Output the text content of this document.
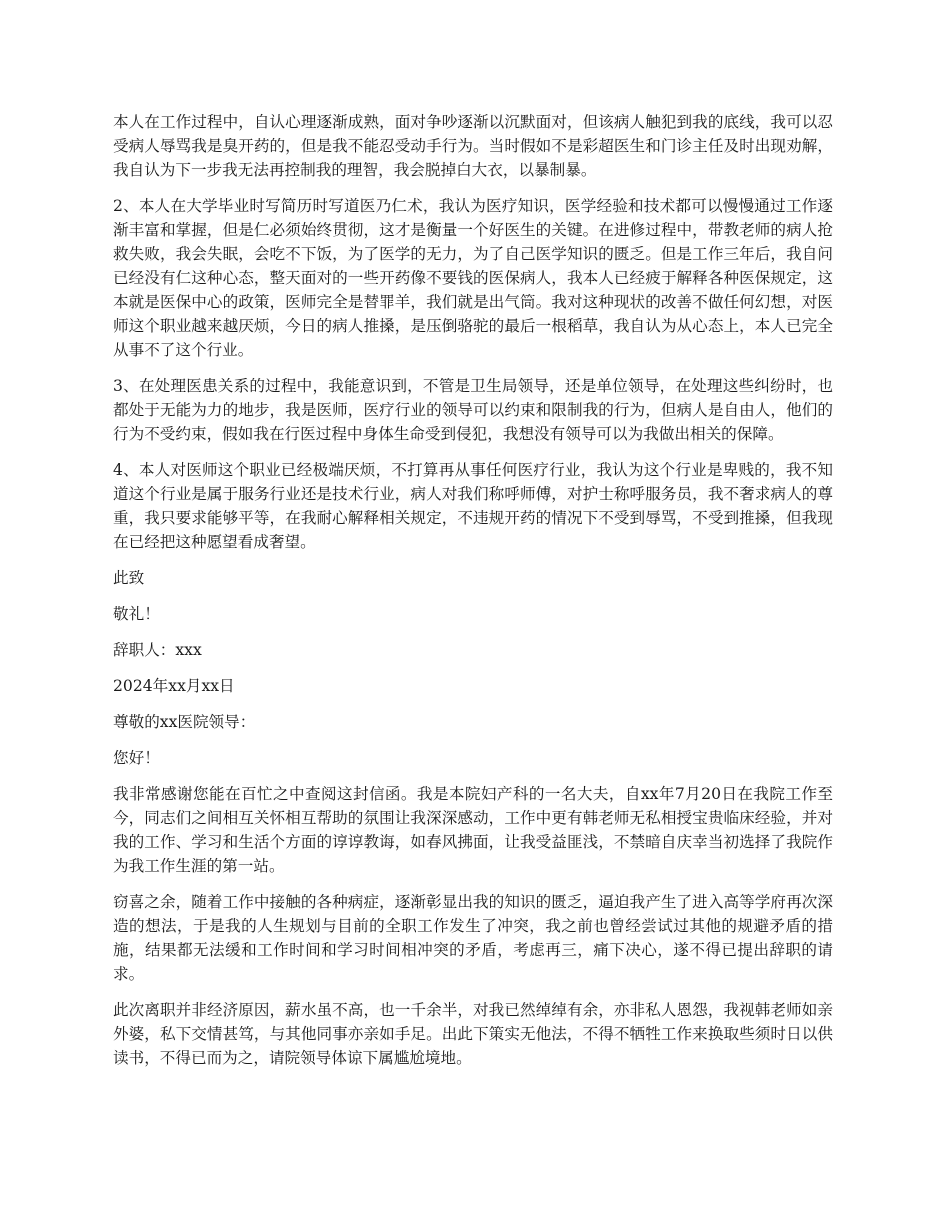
本人在工作过程中，自认心理逐渐成熟，面对争吵逐渐以沉默面对，但该病人触犯到我的底线，我可以忍受病人辱骂我是臭开药的，但是我不能忍受动手行为。当时假如不是彩超医生和门诊主任及时出现劝解，我自认为下一步我无法再控制我的理智，我会脱掉白大衣，以暴制暴。

2、本人在大学毕业时写简历时写道医乃仁术，我认为医疗知识，医学经验和技术都可以慢慢通过工作逐渐丰富和掌握，但是仁必须始终贯彻，这才是衡量一个好医生的关键。在进修过程中，带教老师的病人抢救失败，我会失眠，会吃不下饭，为了医学的无力，为了自己医学知识的匮乏。但是工作三年后，我自问已经没有仁这种心态，整天面对的一些开药像不要钱的医保病人，我本人已经疲于解释各种医保规定，这本就是医保中心的政策，医师完全是替罪羊，我们就是出气筒。我对这种现状的改善不做任何幻想，对医师这个职业越来越厌烦，今日的病人推搡，是压倒骆驼的最后一根稻草，我自认为从心态上，本人已完全从事不了这个行业。

3、在处理医患关系的过程中，我能意识到，不管是卫生局领导，还是单位领导，在处理这些纠纷时，也都处于无能为力的地步，我是医师，医疗行业的领导可以约束和限制我的行为，但病人是自由人，他们的行为不受约束，假如我在行医过程中身体生命受到侵犯，我想没有领导可以为我做出相关的保障。

4、本人对医师这个职业已经极端厌烦，不打算再从事任何医疗行业，我认为这个行业是卑贱的，我不知道这个行业是属于服务行业还是技术行业，病人对我们称呼师傅，对护士称呼服务员，我不奢求病人的尊重，我只要求能够平等，在我耐心解释相关规定，不违规开药的情况下不受到辱骂，不受到推搡，但我现在已经把这种愿望看成奢望。

此致

敬礼！

辞职人：xxx

2024年xx月xx日

尊敬的xx医院领导：

您好！

我非常感谢您能在百忙之中查阅这封信函。我是本院妇产科的一名大夫，自xx年7月20日在我院工作至今，同志们之间相互关怀相互帮助的氛围让我深深感动，工作中更有韩老师无私相授宝贵临床经验，并对我的工作、学习和生活个方面的谆谆教诲，如春风拂面，让我受益匪浅，不禁暗自庆幸当初选择了我院作为我工作生涯的第一站。

窃喜之余，随着工作中接触的各种病症，逐渐彰显出我的知识的匮乏，逼迫我产生了进入高等学府再次深造的想法，于是我的人生规划与目前的全职工作发生了冲突，我之前也曾经尝试过其他的规避矛盾的措施，结果都无法缓和工作时间和学习时间相冲突的矛盾，考虑再三，痛下决心，遂不得已提出辞职的请求。

此次离职并非经济原因，薪水虽不高，也一千余半，对我已然绰绰有余，亦非私人恩怨，我视韩老师如亲外婆，私下交情甚笃，与其他同事亦亲如手足。出此下策实无他法，不得不牺牲工作来换取些须时日以供读书，不得已而为之，请院领导体谅下属尴尬境地。
